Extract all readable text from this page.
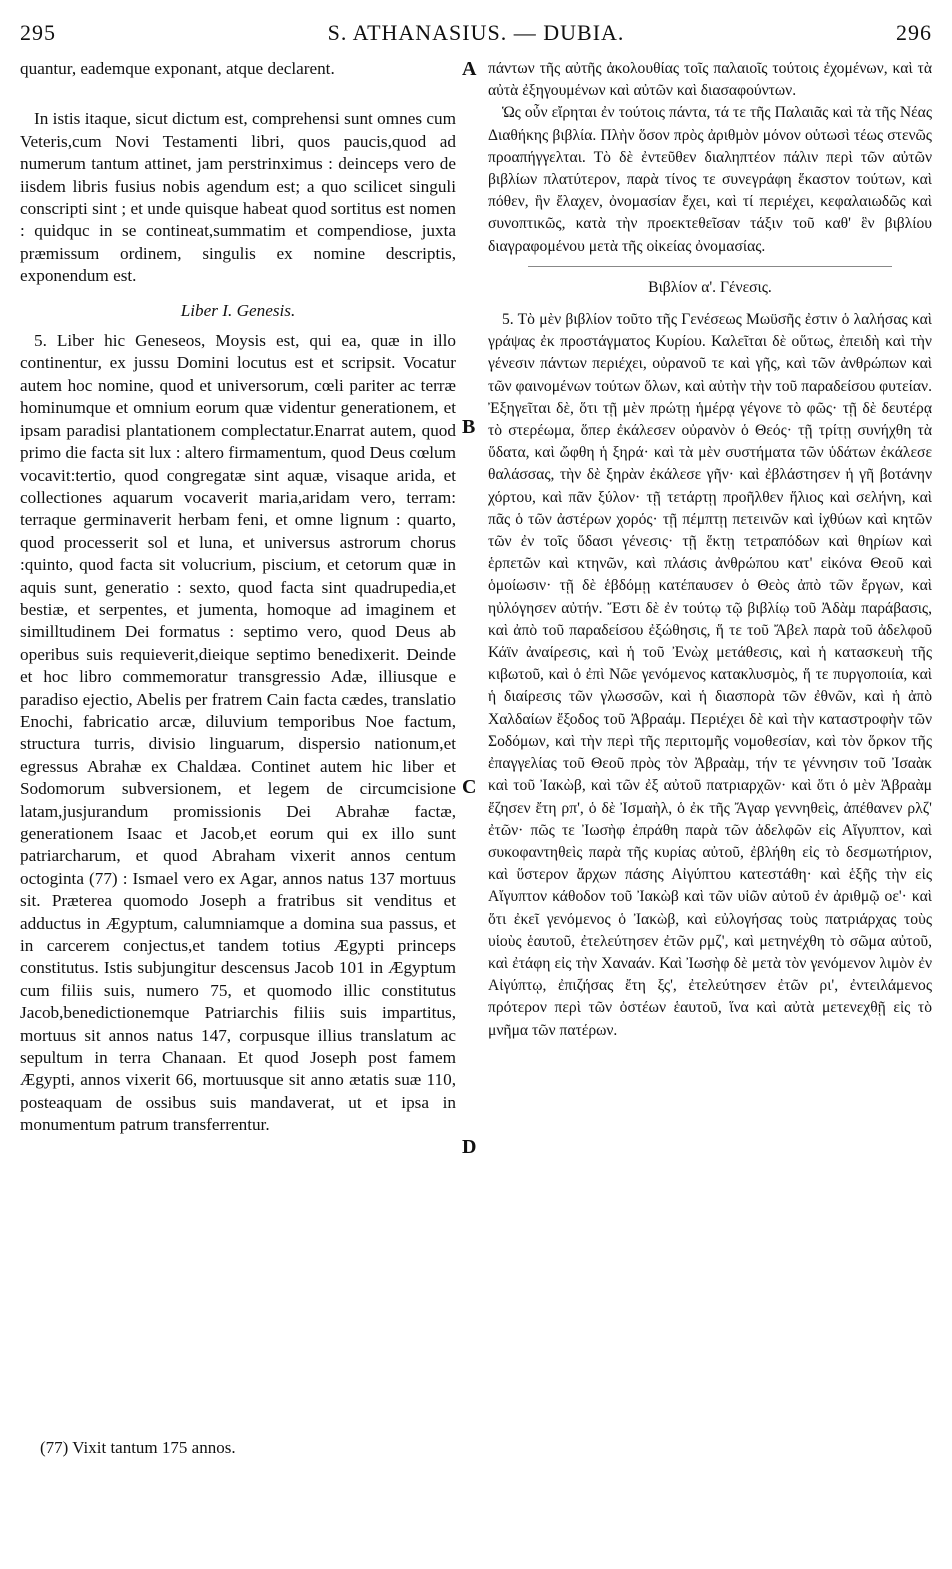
295	S. ATHANASIUS. — DUBIA.	296
A
B
C
D

quantur, eademque exponant, atque declarent.

In istis itaque, sicut dictum est, comprehensi sunt omnes cum Veteris,cum Novi Testamenti libri, quos paucis,quod ad numerum tantum attinet, jam perstrinximus : deinceps vero de iisdem libris fusius nobis agendum est; a quo scilicet singuli conscripti sint ; et unde quisque habeat quod sortitus est nomen : quidquc in se contineat,summatim et compendiose, juxta præmissum ordinem, singulis ex nomine descriptis, exponendum est.

Liber I. Genesis.

5. Liber hic Geneseos, Moysis est, qui ea, quæ in illo continentur, ex jussu Domini locutus est et scripsit. Vocatur autem hoc nomine, quod et universorum, cœli pariter ac terræ hominumque et omnium eorum quæ videntur generationem, et ipsam paradisi plantationem complectatur.Enarrat autem, quod primo die facta sit lux : altero firmamentum, quod Deus cœlum vocavit:tertio, quod congregatæ sint aquæ, visaque arida, et collectiones aquarum vocaverit maria,aridam vero, terram: terraque germinaverit herbam feni, et omne lignum : quarto, quod processerit sol et luna, et universus astrorum chorus :quinto, quod facta sit volucrium, piscium, et cetorum quæ in aquis sunt, generatio : sexto, quod facta sint quadrupedia,et bestiæ, et serpentes, et jumenta, homoque ad imaginem et similltudinem Dei formatus : septimo vero, quod Deus ab operibus suis requieverit,dieique septimo benedixerit. Deinde et hoc libro commemoratur transgressio Adæ, illiusque e paradiso ejectio, Abelis per fratrem Cain facta cædes, translatio Enochi, fabricatio arcæ, diluvium temporibus Noe factum, structura turris, divisio linguarum, dispersio nationum,et egressus Abrahæ ex Chaldæa. Continet autem hic liber et Sodomorum subversionem, et legem de circumcisione latam,jusjurandum promissionis Dei Abrahæ factæ, generationem Isaac et Jacob,et eorum qui ex illo sunt patriarcharum, et quod Abraham vixerit annos centum octoginta (77) : Ismael vero ex Agar, annos natus 137 mortuus sit. Præterea quomodo Joseph a fratribus sit venditus et adductus in Ægyptum, calumniamque a domina sua passus, et in carcerem conjectus,et tandem totius Ægypti princeps constitutus. Istis subjungitur descensus Jacob 101 in Ægyptum cum filiis suis, numero 75, et quomodo illic constitutus Jacob,benedictionemque Patriarchis filiis suis impartitus, mortuus sit annos natus 147, corpusque illius translatum ac sepultum in terra Chanaan. Et quod Joseph post famem Ægypti, annos vixerit 66, mortuusque sit anno ætatis suæ 110, posteaquam de ossibus suis mandaverat, ut et ipsa in monumentum patrum transferrentur.

πάντων τῆς αὐτῆς ἀκολουθίας τοῖς παλαιοῖς τούτοις ἐχομένων, καὶ τὰ αὐτὰ ἐξηγουμένων καὶ αὐτῶν καὶ διασαφούντων.

Ὡς οὖν εἴρηται ἐν τούτοις πάντα, τά τε τῆς Παλαιᾶς καὶ τὰ τῆς Νέας Διαθήκης βιβλία. Πλὴν ὅσον πρὸς ἀριθμὸν μόνον οὑτωσὶ τέως στενῶς προαπήγγελται. Τὸ δὲ ἐντεῦθεν διαληπτέον πάλιν περὶ τῶν αὐτῶν βιβλίων πλατύτερον, παρὰ τίνος τε συνεγράφη ἕκαστον τούτων, καὶ πόθεν, ἣν ἔλαχεν, ὀνομασίαν ἔχει, καὶ τί περιέχει, κεφαλαιωδῶς καὶ συνοπτικῶς, κατὰ τὴν προεκτεθεῖσαν τάξιν τοῦ καθ' ἓν βιβλίου διαγραφομένου μετὰ τῆς οἰκείας ὀνομασίας.

Βιβλίον α'. Γένεσις.

5. Τὸ μὲν βιβλίον τοῦτο τῆς Γενέσεως Μωϋσῆς ἐστιν ὁ λαλήσας καὶ γράψας ἐκ προστάγματος Κυρίου. Καλεῖται δὲ οὕτως, ἐπειδὴ καὶ τὴν γένεσιν πάντων περιέχει, οὐρανοῦ τε καὶ γῆς, καὶ τῶν ἀνθρώπων καὶ τῶν φαινομένων τούτων ὅλων, καὶ αὐτὴν τὴν τοῦ παραδείσου φυτείαν. Ἐξηγεῖται δὲ, ὅτι τῇ μὲν πρώτῃ ἡμέρᾳ γέγονε τὸ φῶς· τῇ δὲ δευτέρᾳ τὸ στερέωμα, ὅπερ ἐκάλεσεν οὐρανὸν ὁ Θεός· τῇ τρίτῃ συνήχθη τὰ ὕδατα, καὶ ὤφθη ἡ ξηρά· καὶ τὰ μὲν συστήματα τῶν ὑδάτων ἐκάλεσε θαλάσσας, τὴν δὲ ξηρὰν ἐκάλεσε γῆν· καὶ ἐβλάστησεν ἡ γῆ βοτάνην χόρτου, καὶ πᾶν ξύλον· τῇ τετάρτῃ προῆλθεν ἥλιος καὶ σελήνη, καὶ πᾶς ὁ τῶν ἀστέρων χορός· τῇ πέμπτῃ πετεινῶν καὶ ἰχθύων καὶ κητῶν τῶν ἐν τοῖς ὕδασι γένεσις· τῇ ἕκτῃ τετραπόδων καὶ θηρίων καὶ ἑρπετῶν καὶ κτηνῶν, καὶ πλάσις ἀνθρώπου κατ' εἰκόνα Θεοῦ καὶ ὁμοίωσιν· τῇ δὲ ἑβδόμῃ κατέπαυσεν ὁ Θεὸς ἀπὸ τῶν ἔργων, καὶ ηὐλόγησεν αὐτήν. Ἔστι δὲ ἐν τούτῳ τῷ βιβλίῳ τοῦ Ἀδὰμ παράβασις, καὶ ἀπὸ τοῦ παραδείσου ἐξώθησις, ἥ τε τοῦ Ἄβελ παρὰ τοῦ ἀδελφοῦ Κάϊν ἀναίρεσις, καὶ ἡ τοῦ Ἐνὼχ μετάθεσις, καὶ ἡ κατασκευὴ τῆς κιβωτοῦ, καὶ ὁ ἐπὶ Νῶε γενόμενος κατακλυσμὸς, ἥ τε πυργοποιία, καὶ ἡ διαίρεσις τῶν γλωσσῶν, καὶ ἡ διασπορὰ τῶν ἐθνῶν, καὶ ἡ ἀπὸ Χαλδαίων ἔξοδος τοῦ Ἀβραάμ. Περιέχει δὲ καὶ τὴν καταστροφὴν τῶν Σοδόμων, καὶ τὴν περὶ τῆς περιτομῆς νομοθεσίαν, καὶ τὸν ὅρκον τῆς ἐπαγγελίας τοῦ Θεοῦ πρὸς τὸν Ἀβραὰμ, τήν τε γέννησιν τοῦ Ἰσαὰκ καὶ τοῦ Ἰακὼβ, καὶ τῶν ἐξ αὐτοῦ πατριαρχῶν· καὶ ὅτι ὁ μὲν Ἀβραὰμ ἔζησεν ἔτη ρπ', ὁ δὲ Ἰσμαὴλ, ὁ ἐκ τῆς Ἄγαρ γεννηθεὶς, ἀπέθανεν ρλζ' ἐτῶν· πῶς τε Ἰωσὴφ ἐπράθη παρὰ τῶν ἀδελφῶν εἰς Αἴγυπτον, καὶ συκοφαντηθεὶς παρὰ τῆς κυρίας αὐτοῦ, ἐβλήθη εἰς τὸ δεσμωτήριον, καὶ ὕστερον ἄρχων πάσης Αἰγύπτου κατεστάθη· καὶ ἑξῆς τὴν εἰς Αἴγυπτον κάθοδον τοῦ Ἰακὼβ καὶ τῶν υἱῶν αὐτοῦ ἐν ἀριθμῷ οε'· καὶ ὅτι ἐκεῖ γενόμενος ὁ Ἰακὼβ, καὶ εὐλογήσας τοὺς πατριάρχας τοὺς υἱοὺς ἑαυτοῦ, ἐτελεύτησεν ἐτῶν ρμζ', καὶ μετηνέχθη τὸ σῶμα αὐτοῦ, καὶ ἐτάφη εἰς τὴν Χαναάν. Καὶ Ἰωσὴφ δὲ μετὰ τὸν γενόμενον λιμὸν ἐν Αἰγύπτῳ, ἐπιζήσας ἔτη ξς', ἐτελεύτησεν ἐτῶν ρι', ἐντειλάμενος πρότερον περὶ τῶν ὀστέων ἑαυτοῦ, ἵνα καὶ αὐτὰ μετενεχθῇ εἰς τὸ μνῆμα τῶν πατέρων.

(77) Vixit tantum 175 annos.
